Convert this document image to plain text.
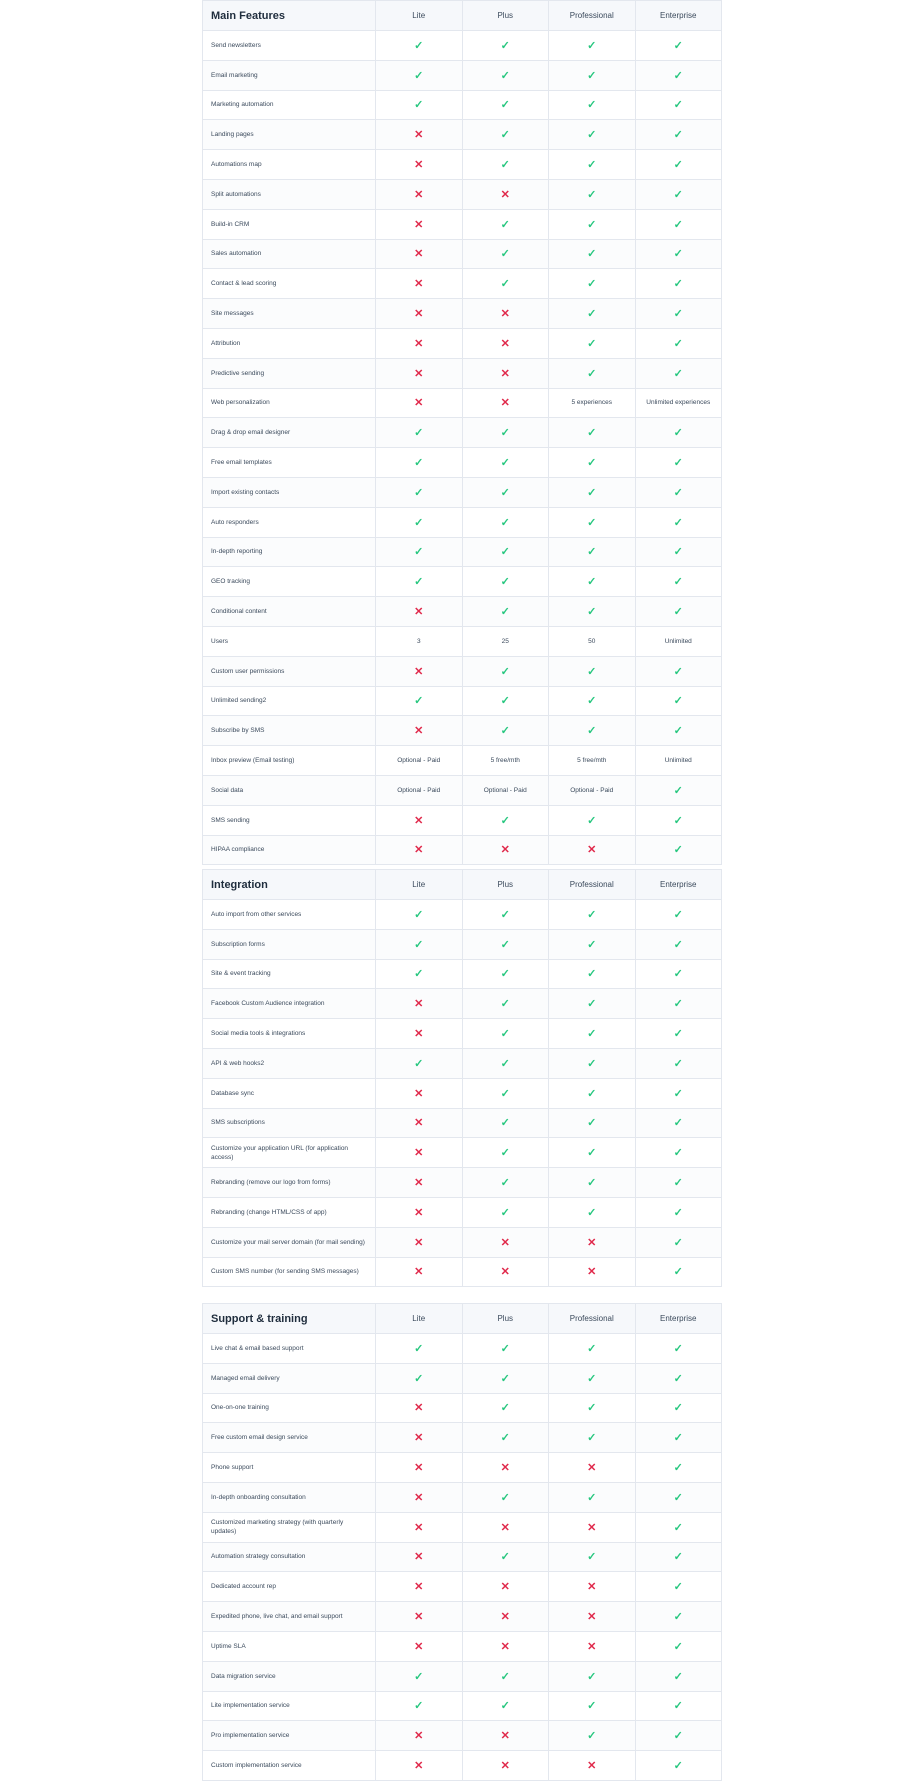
Main Features	Lite	Plus	Professional	Enterprise
Send newsletters	✓	✓	✓	✓
Email marketing	✓	✓	✓	✓
Marketing automation	✓	✓	✓	✓
Landing pages	✕	✓	✓	✓
Automations map	✕	✓	✓	✓
Split automations	✕	✕	✓	✓
Build-in CRM	✕	✓	✓	✓
Sales automation	✕	✓	✓	✓
Contact & lead scoring	✕	✓	✓	✓
Site messages	✕	✕	✓	✓
Attribution	✕	✕	✓	✓
Predictive sending	✕	✕	✓	✓
Web personalization	✕	✕	5 experiences	Unlimited experiences
Drag & drop email designer	✓	✓	✓	✓
Free email templates	✓	✓	✓	✓
Import existing contacts	✓	✓	✓	✓
Auto responders	✓	✓	✓	✓
In-depth reporting	✓	✓	✓	✓
GEO tracking	✓	✓	✓	✓
Conditional content	✕	✓	✓	✓
Users	3	25	50	Unlimited
Custom user permissions	✕	✓	✓	✓
Unlimited sending2	✓	✓	✓	✓
Subscribe by SMS	✕	✓	✓	✓
Inbox preview (Email testing)	Optional - Paid	5 free/mth	5 free/mth	Unlimited
Social data	Optional - Paid	Optional - Paid	Optional - Paid	✓
SMS sending	✕	✓	✓	✓
HIPAA compliance	✕	✕	✕	✓
Integration	Lite	Plus	Professional	Enterprise
Auto import from other services	✓	✓	✓	✓
Subscription forms	✓	✓	✓	✓
Site & event tracking	✓	✓	✓	✓
Facebook Custom Audience integration	✕	✓	✓	✓
Social media tools & integrations	✕	✓	✓	✓
API & web hooks2	✓	✓	✓	✓
Database sync	✕	✓	✓	✓
SMS subscriptions	✕	✓	✓	✓
Customize your application URL (for application access)	✕	✓	✓	✓
Rebranding (remove our logo from forms)	✕	✓	✓	✓
Rebranding (change HTML/CSS of app)	✕	✓	✓	✓
Customize your mail server domain (for mail sending)	✕	✕	✕	✓
Custom SMS number (for sending SMS messages)	✕	✕	✕	✓
Support & training	Lite	Plus	Professional	Enterprise
Live chat & email based support	✓	✓	✓	✓
Managed email delivery	✓	✓	✓	✓
One-on-one training	✕	✓	✓	✓
Free custom email design service	✕	✓	✓	✓
Phone support	✕	✕	✕	✓
In-depth onboarding consultation	✕	✓	✓	✓
Customized marketing strategy (with quarterly updates)	✕	✕	✕	✓
Automation strategy consultation	✕	✓	✓	✓
Dedicated account rep	✕	✕	✕	✓
Expedited phone, live chat, and email support	✕	✕	✕	✓
Uptime SLA	✕	✕	✕	✓
Data migration service	✓	✓	✓	✓
Lite implementation service	✓	✓	✓	✓
Pro implementation service	✕	✕	✓	✓
Custom implementation service	✕	✕	✕	✓
